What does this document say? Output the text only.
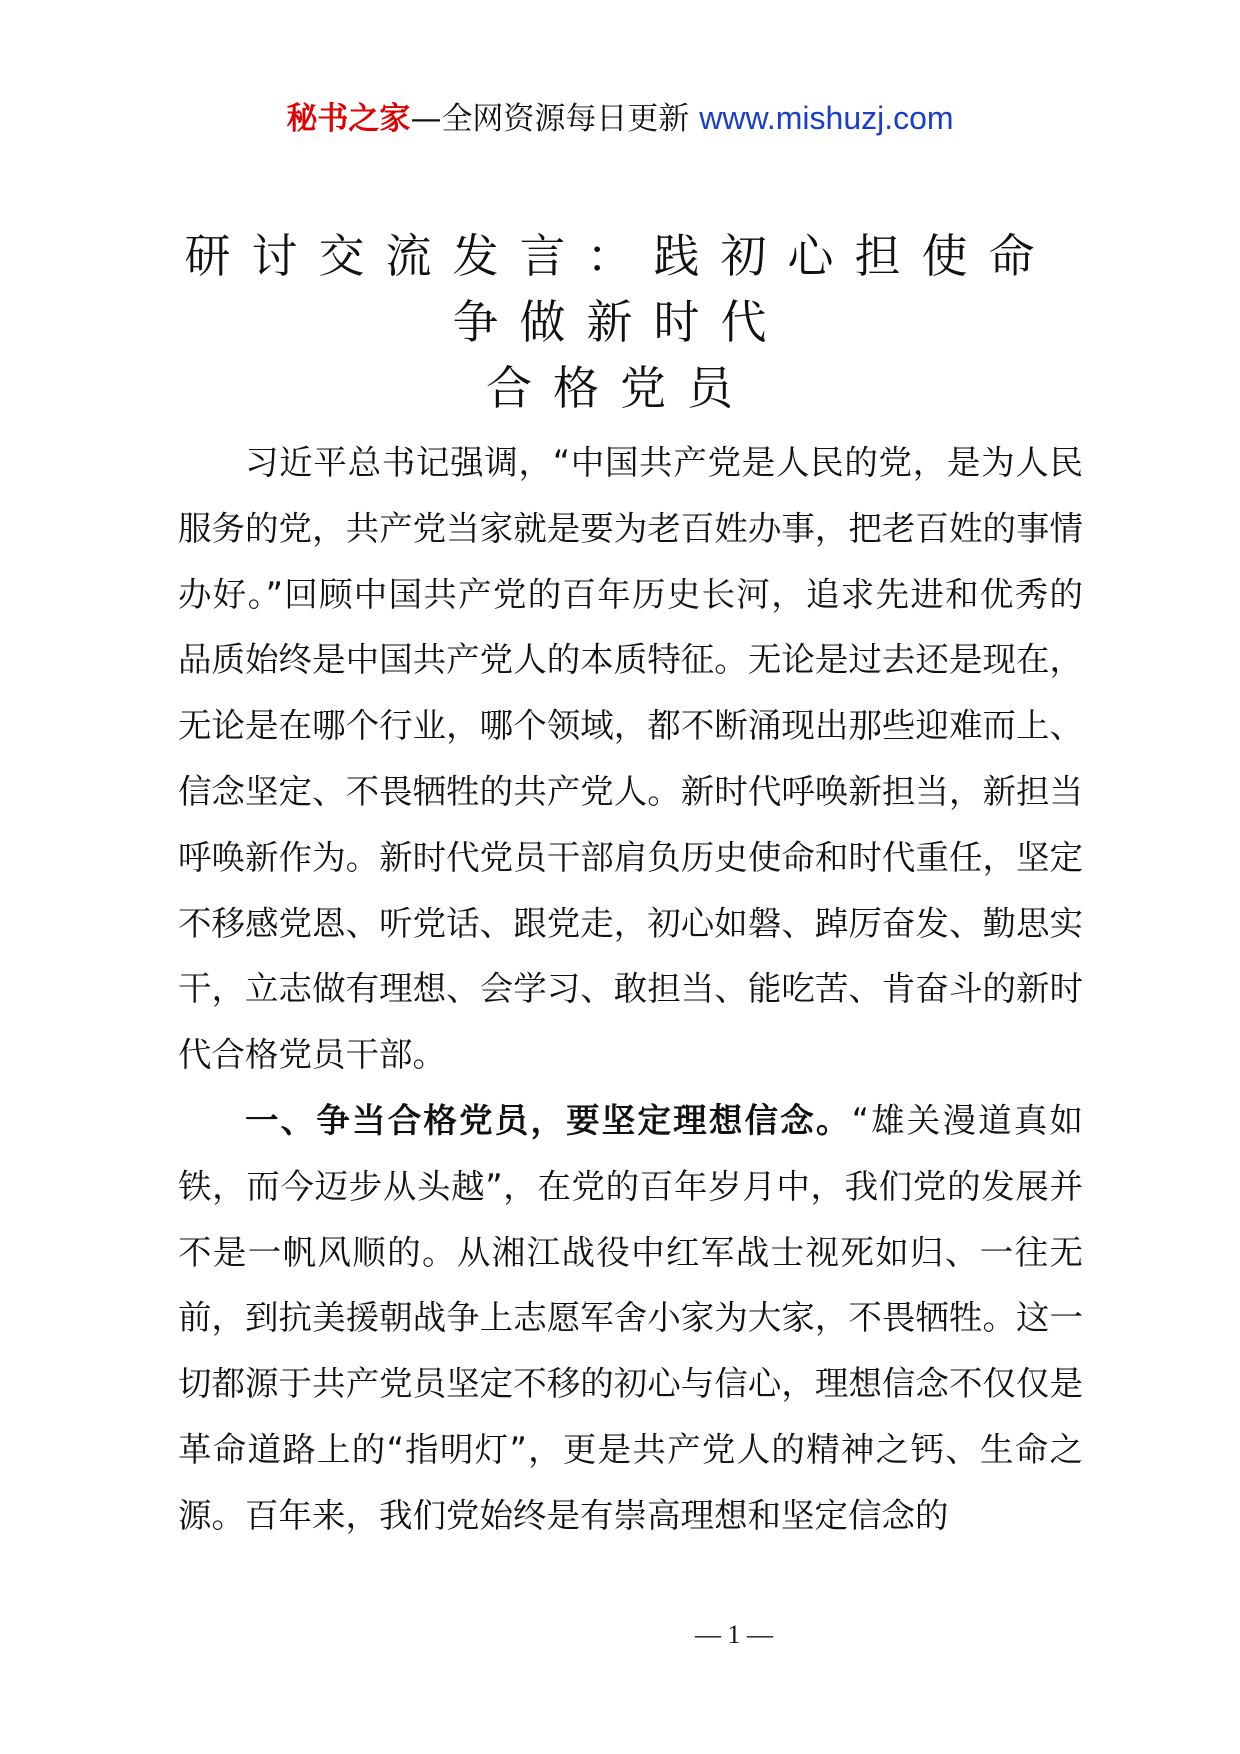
秘书之家—全网资源每日更新 www.mishuzj.com
研讨交流发言：践初心担使命
争做新时代
合格党员

习近平总书记强调，“中国共产党是人民的党，是为人民服务的党，共产党当家就是要为老百姓办事，把老百姓的事情办好。”回顾中国共产党的百年历史长河，追求先进和优秀的品质始终是中国共产党人的本质特征。无论是过去还是现在，无论是在哪个行业，哪个领域，都不断涌现出那些迎难而上、信念坚定、不畏牺牲的共产党人。新时代呼唤新担当，新担当呼唤新作为。新时代党员干部肩负历史使命和时代重任，坚定不移感党恩、听党话、跟党走，初心如磐、踔厉奋发、勤思实干，立志做有理想、会学习、敢担当、能吃苦、肯奋斗的新时代合格党员干部。

一、争当合格党员，要坚定理想信念。“雄关漫道真如铁，而今迈步从头越”，在党的百年岁月中，我们党的发展并不是一帆风顺的。从湘江战役中红军战士视死如归、一往无前，到抗美援朝战争上志愿军舍小家为大家，不畏牺牲。这一切都源于共产党员坚定不移的初心与信心，理想信念不仅仅是革命道路上的“指明灯”，更是共产党人的精神之钙、生命之源。百年来，我们党始终是有崇高理想和坚定信念的

— 1 —
